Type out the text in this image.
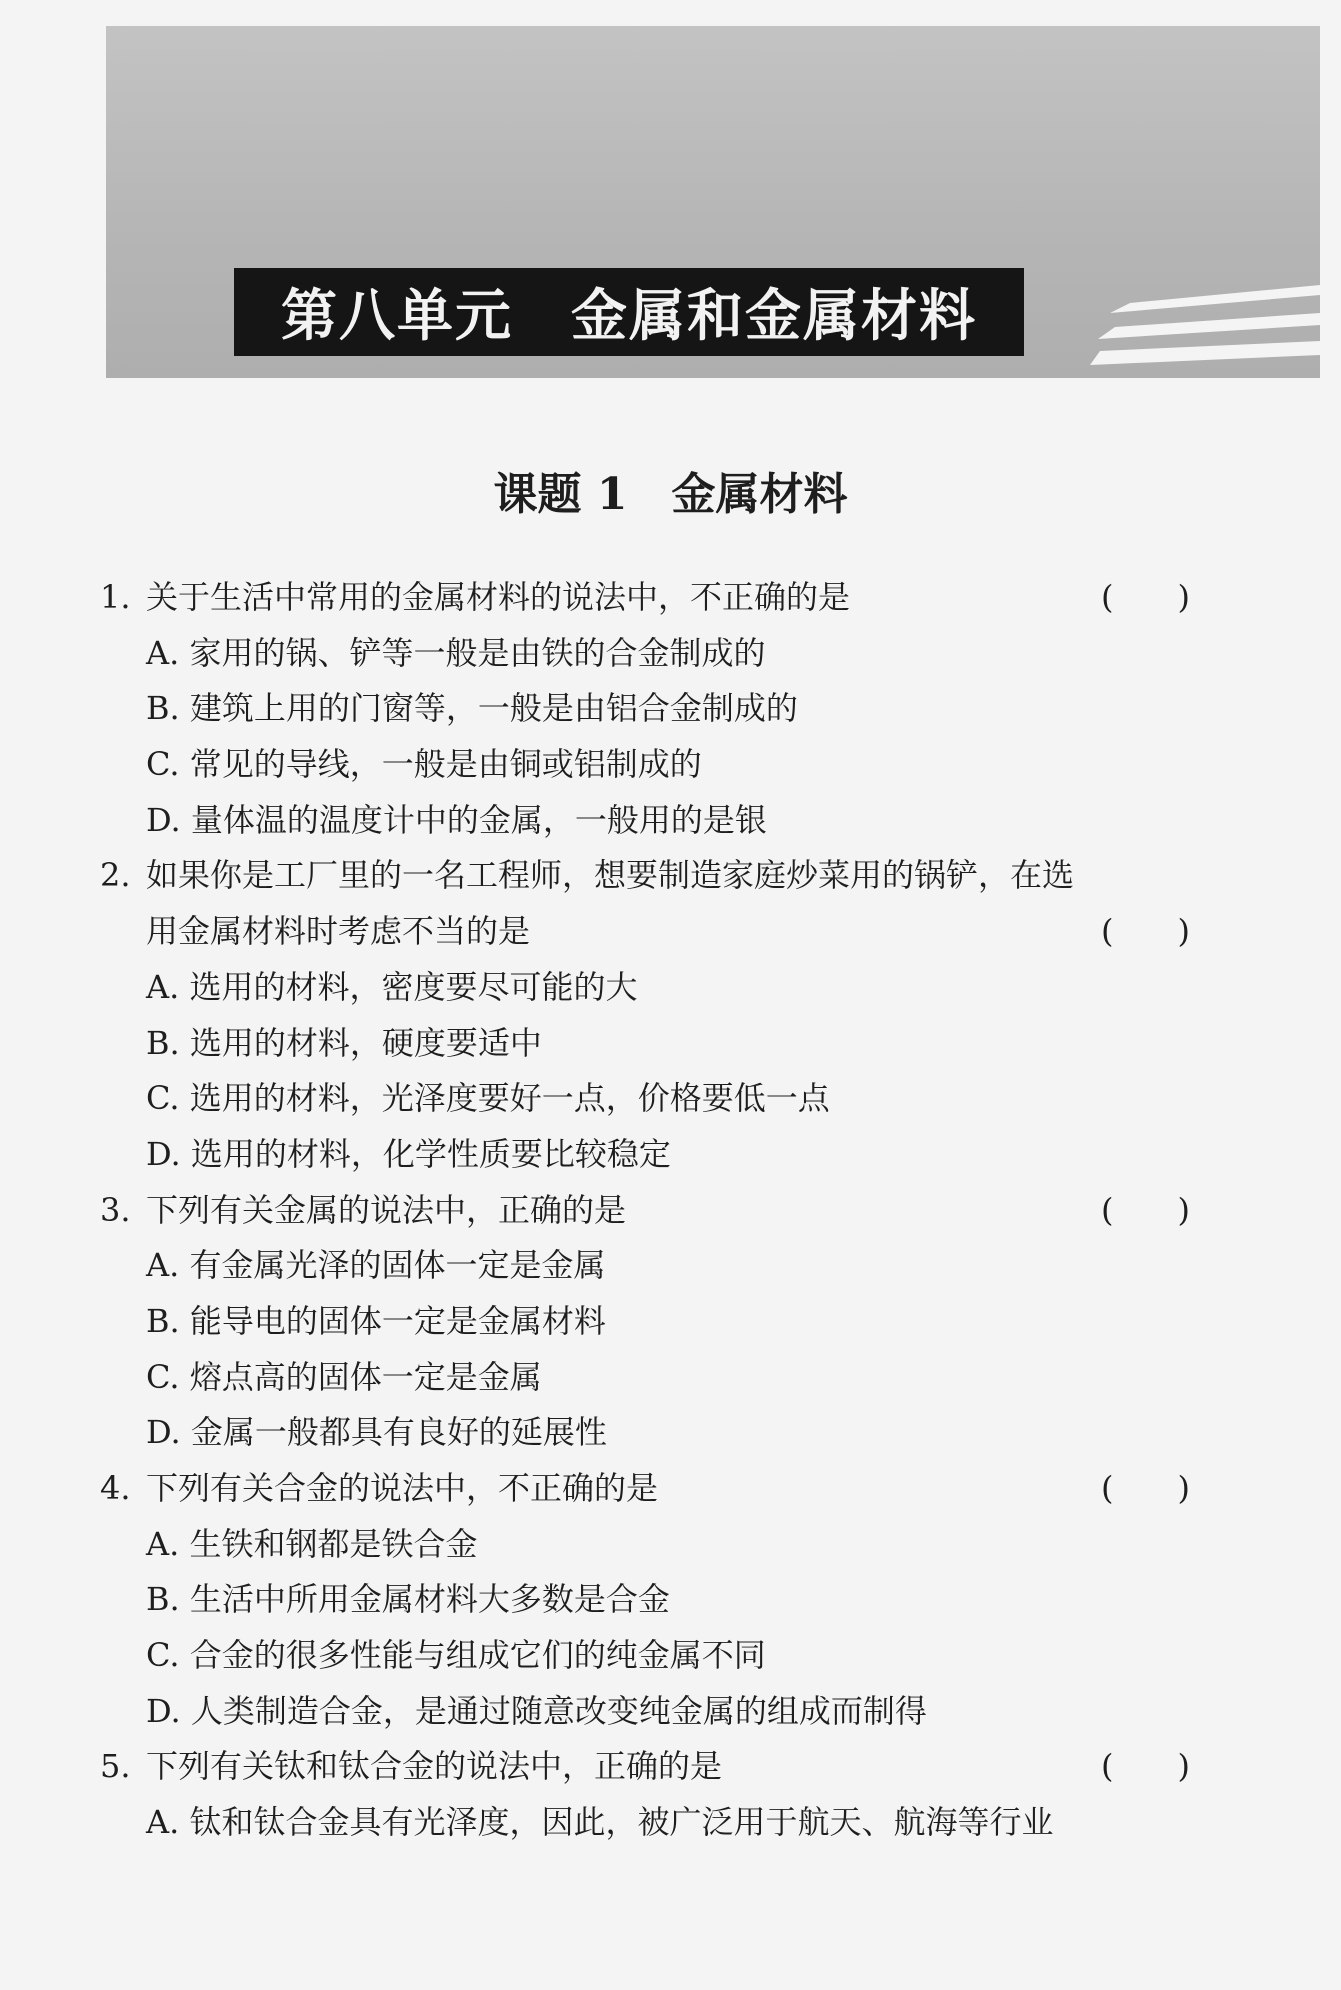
第八单元　金属和金属材料
课题 1　金属材料
1. 关于生活中常用的金属材料的说法中，不正确的是	(　　)
A. 家用的锅、铲等一般是由铁的合金制成的
B. 建筑上用的门窗等，一般是由铝合金制成的
C. 常见的导线，一般是由铜或铝制成的
D. 量体温的温度计中的金属，一般用的是银
2. 如果你是工厂里的一名工程师，想要制造家庭炒菜用的锅铲，在选
用金属材料时考虑不当的是	(　　)
A. 选用的材料，密度要尽可能的大
B. 选用的材料，硬度要适中
C. 选用的材料，光泽度要好一点，价格要低一点
D. 选用的材料，化学性质要比较稳定
3. 下列有关金属的说法中，正确的是	(　　)
A. 有金属光泽的固体一定是金属
B. 能导电的固体一定是金属材料
C. 熔点高的固体一定是金属
D. 金属一般都具有良好的延展性
4. 下列有关合金的说法中，不正确的是	(　　)
A. 生铁和钢都是铁合金
B. 生活中所用金属材料大多数是合金
C. 合金的很多性能与组成它们的纯金属不同
D. 人类制造合金，是通过随意改变纯金属的组成而制得
5. 下列有关钛和钛合金的说法中，正确的是	(　　)
A. 钛和钛合金具有光泽度，因此，被广泛用于航天、航海等行业
